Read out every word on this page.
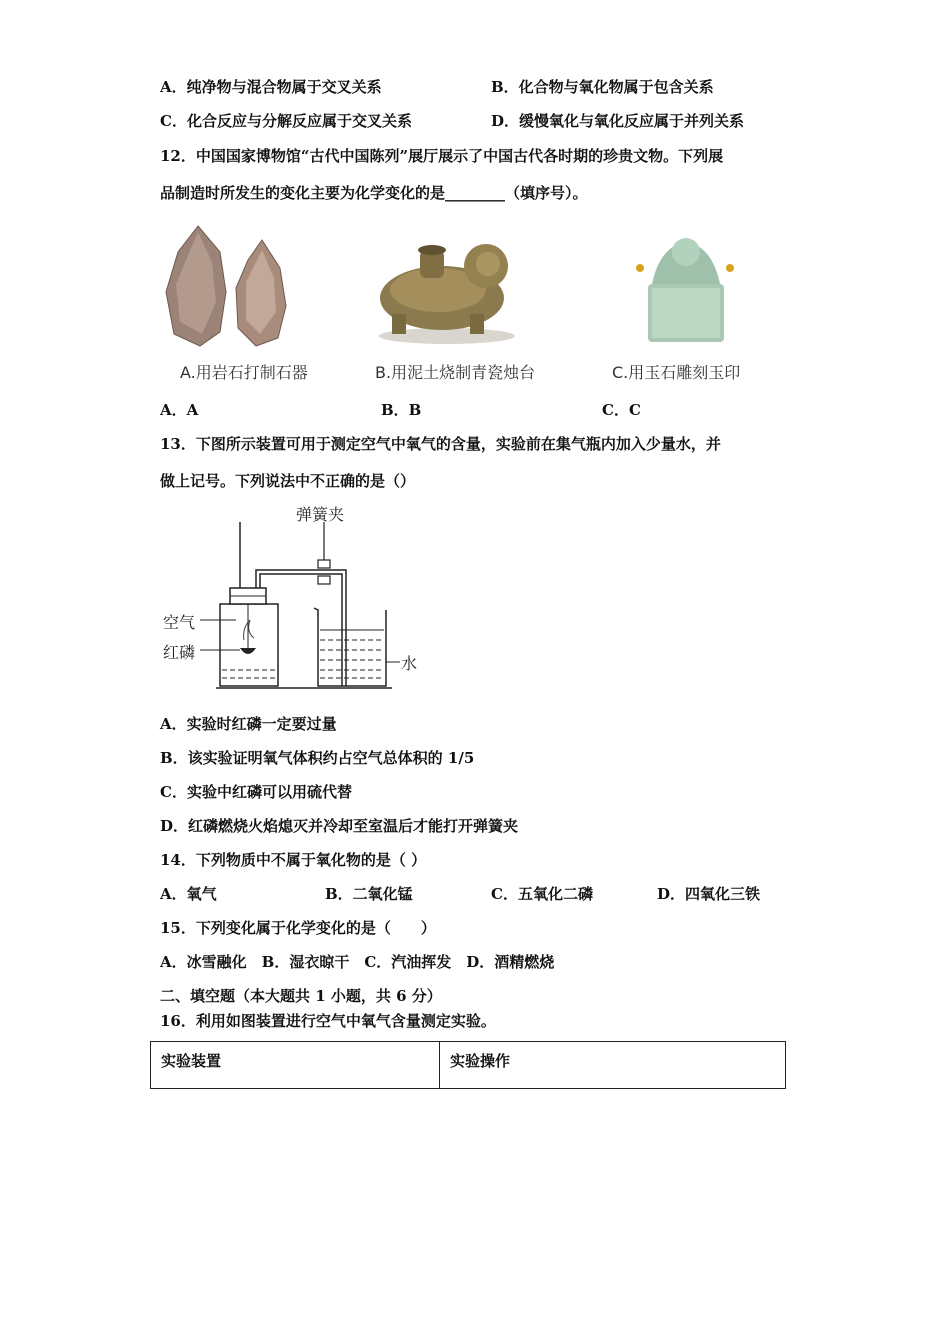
A．纯净物与混合物属于交叉关系	B．化合物与氧化物属于包含关系
C．化合反应与分解反应属于交叉关系	D．缓慢氧化与氧化反应属于并列关系
12．中国国家博物馆“古代中国陈列”展厅展示了中国古代各时期的珍贵文物。下列展
品制造时所发生的变化主要为化学变化的是________（填序号）。
A.用岩石打制石器	B.用泥土烧制青瓷烛台	C.用玉石雕刻玉印
A．A	B．B	C．C
13．下图所示装置可用于测定空气中氧气的含量，实验前在集气瓶内加入少量水，并
做上记号。下列说法中不正确的是（）
弹簧夹
空气
红磷
水
A．实验时红磷一定要过量
B．该实验证明氧气体积约占空气总体积的 1/5
C．实验中红磷可以用硫代替
D．红磷燃烧火焰熄灭并冷却至室温后才能打开弹簧夹
14．下列物质中不属于氧化物的是（ ）
A．氧气	B．二氧化锰	C．五氧化二磷	D．四氧化三铁
15．下列变化属于化学变化的是（　　）
A．冰雪融化　B．湿衣晾干　C．汽油挥发　D．酒精燃烧
二、填空题（本大题共 1 小题，共 6 分）
16．利用如图装置进行空气中氧气含量测定实验。
实验装置	实验操作
